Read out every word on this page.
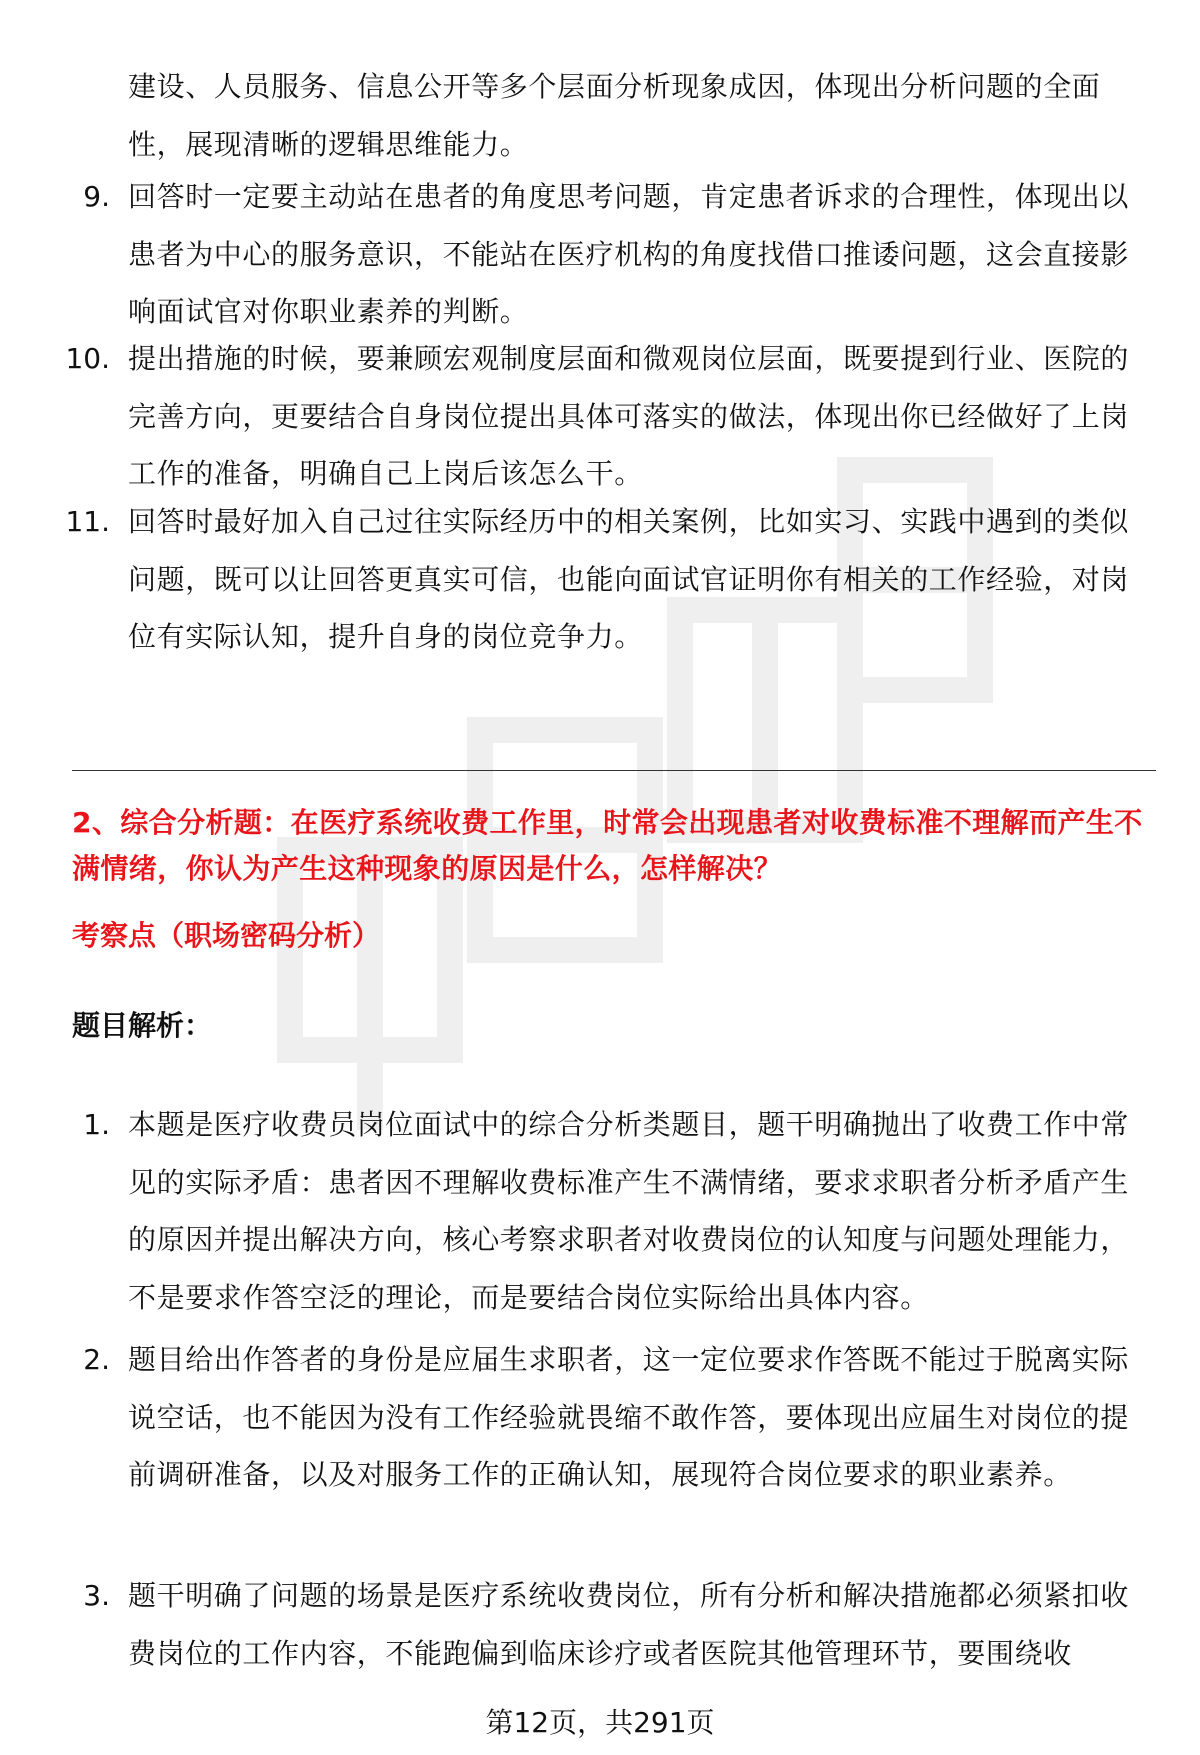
建设、人员服务、信息公开等多个层面分析现象成因，体现出分析问题的全面性，展现清晰的逻辑思维能力。
9. 回答时一定要主动站在患者的角度思考问题，肯定患者诉求的合理性，体现出以患者为中心的服务意识，不能站在医疗机构的角度找借口推诿问题，这会直接影响面试官对你职业素养的判断。
10. 提出措施的时候，要兼顾宏观制度层面和微观岗位层面，既要提到行业、医院的完善方向，更要结合自身岗位提出具体可落实的做法，体现出你已经做好了上岗工作的准备，明确自己上岗后该怎么干。
11. 回答时最好加入自己过往实际经历中的相关案例，比如实习、实践中遇到的类似问题，既可以让回答更真实可信，也能向面试官证明你有相关的工作经验，对岗位有实际认知，提升自身的岗位竞争力。
2、综合分析题：在医疗系统收费工作里，时常会出现患者对收费标准不理解而产生不满情绪，你认为产生这种现象的原因是什么，怎样解决？
考察点（职场密码分析）
题目解析：
1. 本题是医疗收费员岗位面试中的综合分析类题目，题干明确抛出了收费工作中常见的实际矛盾：患者因不理解收费标准产生不满情绪，要求求职者分析矛盾产生的原因并提出解决方向，核心考察求职者对收费岗位的认知度与问题处理能力，不是要求作答空泛的理论，而是要结合岗位实际给出具体内容。
2. 题目给出作答者的身份是应届生求职者，这一定位要求作答既不能过于脱离实际说空话，也不能因为没有工作经验就畏缩不敢作答，要体现出应届生对岗位的提前调研准备，以及对服务工作的正确认知，展现符合岗位要求的职业素养。
3. 题干明确了问题的场景是医疗系统收费岗位，所有分析和解决措施都必须紧扣收费岗位的工作内容，不能跑偏到临床诊疗或者医院其他管理环节，要围绕收
第12页，共291页
